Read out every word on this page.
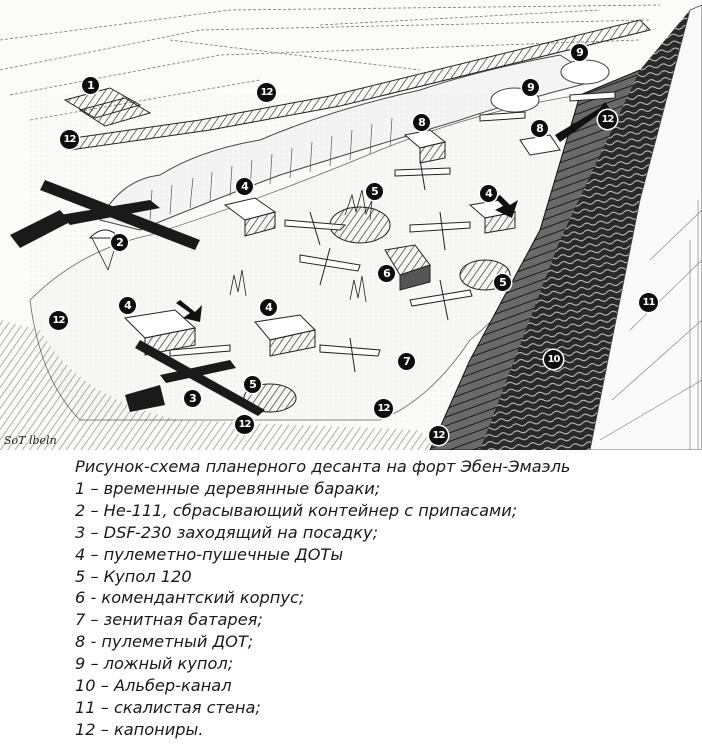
1
12
12
9
9
8	8
12
4	5	4
2
6
5
4	4	11
12
7	10
5
3
12
12
12
SoT lbeln
Рисунок-схема планерного десанта на форт Эбен-Эмаэль
1 – временные деревянные бараки;
2 – He-111, сбрасывающий контейнер с припасами;
3 – DSF-230 заходящий на посадку;
4 – пулеметно-пушечные ДОТы
5 – Купол 120
6 - комендантский корпус;
7 – зенитная батарея;
8 - пулеметный ДОТ;
9 – ложный купол;
10 – Альбер-канал
11 – скалистая стена;
12 – капониры.
